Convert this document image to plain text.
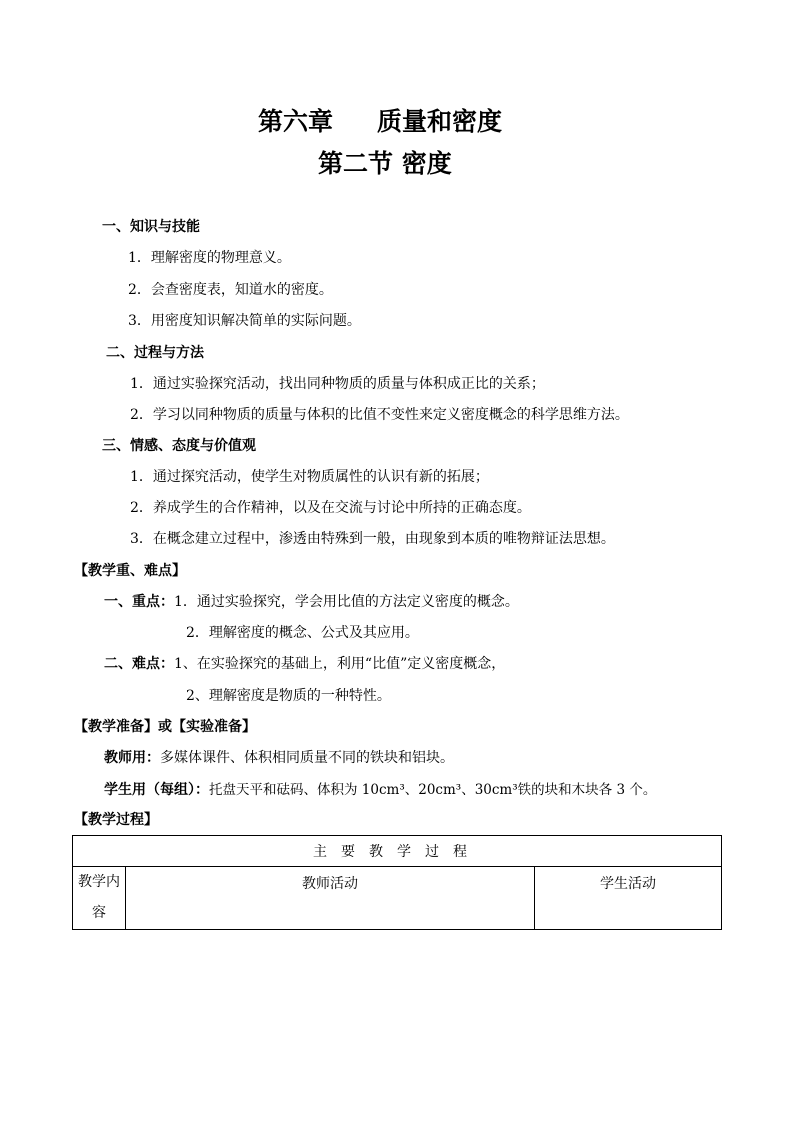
第六章 质量和密度
第二节 密度
一、知识与技能
1．理解密度的物理意义。
2．会查密度表，知道水的密度。
3．用密度知识解决简单的实际问题。
二、过程与方法
1．通过实验探究活动，找出同种物质的质量与体积成正比的关系；
2．学习以同种物质的质量与体积的比值不变性来定义密度概念的科学思维方法。
三、情感、态度与价值观
1．通过探究活动，使学生对物质属性的认识有新的拓展；
2．养成学生的合作精神，以及在交流与讨论中所持的正确态度。
3．在概念建立过程中，渗透由特殊到一般，由现象到本质的唯物辩证法思想。
【教学重、难点】
一、重点：1．通过实验探究，学会用比值的方法定义密度的概念。
2．理解密度的概念、公式及其应用。
二、难点：1、在实验探究的基础上，利用“比值”定义密度概念，
2、理解密度是物质的一种特性。
【教学准备】或【实验准备】
教师用：多媒体课件、体积相同质量不同的铁块和铝块。
学生用（每组）：托盘天平和砝码、体积为 10cm³、20cm³、30cm³铁的块和木块各 3 个。
【教学过程】
主要教学过程
教学内容	教师活动	学生活动
